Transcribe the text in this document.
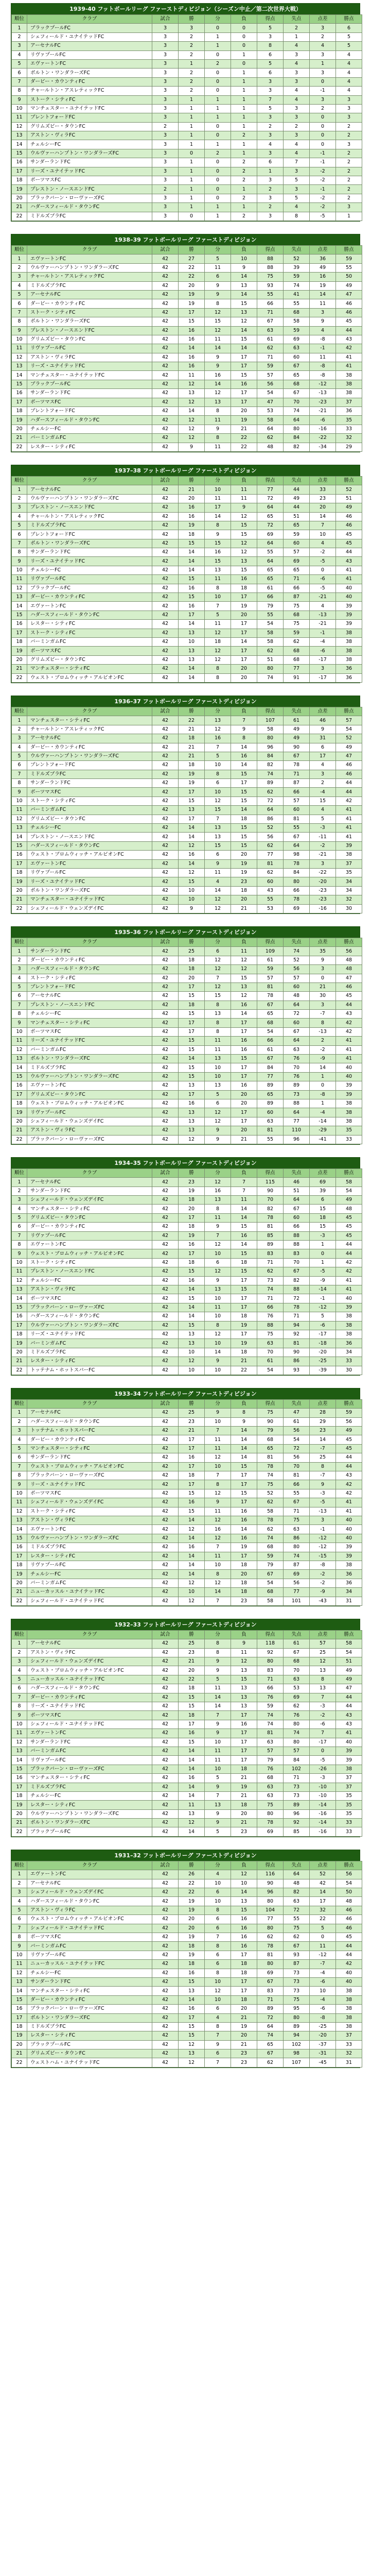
1939-40 フットボールリーグ ファーストディビジョン（シーズン中止／第二次世界大戦）
順位	クラブ	試合	勝	分	負	得点	失点	点差	勝点
1	ブラックプールFC	3	3	0	0	5	2	3	6
2	シェフィールド・ユナイテッドFC	3	2	1	0	3	1	2	5
3	アーセナルFC	3	2	1	0	8	4	4	5
4	リヴァプールFC	3	2	0	1	6	3	3	4
5	エヴァートンFC	3	1	2	0	5	4	1	4
6	ボルトン・ワンダラーズFC	3	2	0	1	6	3	3	4
7	ダービー・カウンティFC	3	2	0	1	3	3	0	4
8	チャールトン・アスレティックFC	3	2	0	1	3	4	-1	4
9	ストーク・シティFC	3	1	1	1	7	4	3	3
10	マンチェスター・ユナイテッドFC	3	1	1	1	5	3	2	3
11	ブレントフォードFC	3	1	1	1	3	3	0	3
12	グリムズビー・タウンFC	2	1	0	1	2	2	0	2
13	アストン・ヴィラFC	3	1	0	2	3	3	0	2
14	チェルシーFC	3	1	1	1	4	4	0	3
15	ウルヴァーハンプトン・ワンダラーズFC	3	0	2	1	3	4	-1	2
16	サンダーランドFC	3	1	0	2	6	7	-1	2
17	リーズ・ユナイテッドFC	3	1	0	2	1	3	-2	2
18	ポーツマスFC	3	1	0	2	3	5	-2	2
19	プレストン・ノースエンドFC	2	1	0	1	2	3	-1	2
20	ブラックバーン・ローヴァーズFC	3	1	0	2	3	5	-2	2
21	ハダースフィールド・タウンFC	3	1	1	1	2	4	-2	3
22	ミドルズブラFC	3	0	1	2	3	8	-5	1
1938–39 フットボールリーグ ファーストディビジョン
順位	クラブ	試合	勝	分	負	得点	失点	点差	勝点
1	エヴァートンFC	42	27	5	10	88	52	36	59
2	ウルヴァーハンプトン・ワンダラーズFC	42	22	11	9	88	39	49	55
3	チャールトン・アスレティックFC	42	22	6	14	75	59	16	50
4	ミドルズブラFC	42	20	9	13	93	74	19	49
5	アーセナルFC	42	19	9	14	55	41	14	47
6	ダービー・カウンティFC	42	19	8	15	66	55	11	46
7	ストーク・シティFC	42	17	12	13	71	68	3	46
8	ボルトン・ワンダラーズFC	42	15	15	12	67	58	9	45
9	プレストン・ノースエンドFC	42	16	12	14	63	59	4	44
10	グリムズビー・タウンFC	42	16	11	15	61	69	-8	43
11	リヴァプールFC	42	14	14	14	62	63	-1	42
12	アストン・ヴィラFC	42	16	9	17	71	60	11	41
13	リーズ・ユナイテッドFC	42	16	9	17	59	67	-8	41
14	マンチェスター・ユナイテッドFC	42	11	16	15	57	65	-8	38
15	ブラックプールFC	42	12	14	16	56	68	-12	38
16	サンダーランドFC	42	13	12	17	54	67	-13	38
17	ポーツマスFC	42	12	13	17	47	70	-23	37
18	ブレントフォードFC	42	14	8	20	53	74	-21	36
19	ハダースフィールド・タウンFC	42	12	11	19	58	64	-6	35
20	チェルシーFC	42	12	9	21	64	80	-16	33
21	バーミンガムFC	42	12	8	22	62	84	-22	32
22	レスター・シティFC	42	9	11	22	48	82	-34	29
1937–38 フットボールリーグ ファーストディビジョン
順位	クラブ	試合	勝	分	負	得点	失点	点差	勝点
1	アーセナルFC	42	21	10	11	77	44	33	52
2	ウルヴァーハンプトン・ワンダラーズFC	42	20	11	11	72	49	23	51
3	プレストン・ノースエンドFC	42	16	17	9	64	44	20	49
4	チャールトン・アスレティックFC	42	16	14	12	65	51	14	46
5	ミドルズブラFC	42	19	8	15	72	65	7	46
6	ブレントフォードFC	42	18	9	15	69	59	10	45
7	ボルトン・ワンダラーズFC	42	15	15	12	64	60	4	45
8	サンダーランドFC	42	14	16	12	55	57	-2	44
9	リーズ・ユナイテッドFC	42	14	15	13	64	69	-5	43
10	チェルシーFC	42	14	13	15	65	65	0	41
11	リヴァプールFC	42	15	11	16	65	71	-6	41
12	ブラックプールFC	42	16	8	18	61	66	-5	40
13	ダービー・カウンティFC	42	15	10	17	66	87	-21	40
14	エヴァートンFC	42	16	7	19	79	75	4	39
15	ハダースフィールド・タウンFC	42	17	5	20	55	68	-13	39
16	レスター・シティFC	42	14	11	17	54	75	-21	39
17	ストーク・シティFC	42	13	12	17	58	59	-1	38
18	バーミンガムFC	42	10	18	14	58	62	-4	38
19	ポーツマスFC	42	13	12	17	62	68	-6	38
20	グリムズビー・タウンFC	42	13	12	17	51	68	-17	38
21	マンチェスター・シティFC	42	14	8	20	80	77	3	36
22	ウェスト・ブロムウィッチ・アルビオンFC	42	14	8	20	74	91	-17	36
1936–37 フットボールリーグ ファーストディビジョン
順位	クラブ	試合	勝	分	負	得点	失点	点差	勝点
1	マンチェスター・シティFC	42	22	13	7	107	61	46	57
2	チャールトン・アスレティックFC	42	21	12	9	58	49	9	54
3	アーセナルFC	42	18	16	8	80	49	31	52
4	ダービー・カウンティFC	42	21	7	14	96	90	6	49
5	ウルヴァーハンプトン・ワンダラーズFC	42	21	5	16	84	67	17	47
6	ブレントフォードFC	42	18	10	14	82	78	4	46
7	ミドルズブラFC	42	19	8	15	74	71	3	46
8	サンダーランドFC	42	19	6	17	89	87	2	44
9	ポーツマスFC	42	17	10	15	62	66	-4	44
10	ストーク・シティFC	42	15	12	15	72	57	15	42
11	バーミンガムFC	42	13	15	14	64	60	4	41
12	グリムズビー・タウンFC	42	17	7	18	86	81	5	41
13	チェルシーFC	42	14	13	15	52	55	-3	41
14	プレストン・ノースエンドFC	42	14	13	15	56	67	-11	41
15	ハダースフィールド・タウンFC	42	12	15	15	62	64	-2	39
16	ウェスト・ブロムウィッチ・アルビオンFC	42	16	6	20	77	98	-21	38
17	エヴァートンFC	42	14	9	19	81	78	3	37
18	リヴァプールFC	42	12	11	19	62	84	-22	35
19	リーズ・ユナイテッドFC	42	15	4	23	60	80	-20	34
20	ボルトン・ワンダラーズFC	42	10	14	18	43	66	-23	34
21	マンチェスター・ユナイテッドFC	42	10	12	20	55	78	-23	32
22	シェフィールド・ウェンズデイFC	42	9	12	21	53	69	-16	30
1935–36 フットボールリーグ ファーストディビジョン
順位	クラブ	試合	勝	分	負	得点	失点	点差	勝点
1	サンダーランドFC	42	25	6	11	109	74	35	56
2	ダービー・カウンティFC	42	18	12	12	61	52	9	48
3	ハダースフィールド・タウンFC	42	18	12	12	59	56	3	48
4	ストーク・シティFC	42	20	7	15	57	57	0	47
5	ブレントフォードFC	42	17	12	13	81	60	21	46
6	アーセナルFC	42	15	15	12	78	48	30	45
7	プレストン・ノースエンドFC	42	18	8	16	67	64	3	44
8	チェルシーFC	42	15	13	14	65	72	-7	43
9	マンチェスター・シティFC	42	17	8	17	68	60	8	42
10	ポーツマスFC	42	17	8	17	54	67	-13	42
11	リーズ・ユナイテッドFC	42	15	11	16	66	64	2	41
12	バーミンガムFC	42	15	11	16	61	63	-2	41
13	ボルトン・ワンダラーズFC	42	14	13	15	67	76	-9	41
14	ミドルズブラFC	42	15	10	17	84	70	14	40
15	ウルヴァーハンプトン・ワンダラーズFC	42	15	10	17	77	76	1	40
16	エヴァートンFC	42	13	13	16	89	89	0	39
17	グリムズビー・タウンFC	42	17	5	20	65	73	-8	39
18	ウェスト・ブロムウィッチ・アルビオンFC	42	16	6	20	89	88	1	38
19	リヴァプールFC	42	13	12	17	60	64	-4	38
20	シェフィールド・ウェンズデイFC	42	13	12	17	63	77	-14	38
21	アストン・ヴィラFC	42	13	9	20	81	110	-29	35
22	ブラックバーン・ローヴァーズFC	42	12	9	21	55	96	-41	33
1934–35 フットボールリーグ ファーストディビジョン
順位	クラブ	試合	勝	分	負	得点	失点	点差	勝点
1	アーセナルFC	42	23	12	7	115	46	69	58
2	サンダーランドFC	42	19	16	7	90	51	39	54
3	シェフィールド・ウェンズデイFC	42	18	13	11	70	64	6	49
4	マンチェスター・シティFC	42	20	8	14	82	67	15	48
5	グリムズビー・タウンFC	42	17	11	14	78	60	18	45
6	ダービー・カウンティFC	42	18	9	15	81	66	15	45
7	リヴァプールFC	42	19	7	16	85	88	-3	45
8	エヴァートンFC	42	16	12	14	89	88	1	44
9	ウェスト・ブロムウィッチ・アルビオンFC	42	17	10	15	83	83	0	44
10	ストーク・シティFC	42	18	6	18	71	70	1	42
11	プレストン・ノースエンドFC	42	15	12	15	62	67	-5	42
12	チェルシーFC	42	16	9	17	73	82	-9	41
13	アストン・ヴィラFC	42	14	13	15	74	88	-14	41
14	ポーツマスFC	42	15	10	17	71	72	-1	40
15	ブラックバーン・ローヴァーズFC	42	14	11	17	66	78	-12	39
16	ハダースフィールド・タウンFC	42	14	10	18	76	71	5	38
17	ウルヴァーハンプトン・ワンダラーズFC	42	15	8	19	88	94	-6	38
18	リーズ・ユナイテッドFC	42	13	12	17	75	92	-17	38
19	バーミンガムFC	42	13	10	19	63	81	-18	36
20	ミドルズブラFC	42	10	14	18	70	90	-20	34
21	レスター・シティFC	42	12	9	21	61	86	-25	33
22	トッテナム・ホットスパーFC	42	10	10	22	54	93	-39	30
1933–34 フットボールリーグ ファーストディビジョン
順位	クラブ	試合	勝	分	負	得点	失点	点差	勝点
1	アーセナルFC	42	25	9	8	75	47	28	59
2	ハダースフィールド・タウンFC	42	23	10	9	90	61	29	56
3	トッテナム・ホットスパーFC	42	21	7	14	79	56	23	49
4	ダービー・カウンティFC	42	17	11	14	68	54	14	45
5	マンチェスター・シティFC	42	17	11	14	65	72	-7	45
6	サンダーランドFC	42	16	12	14	81	56	25	44
7	ウェスト・ブロムウィッチ・アルビオンFC	42	17	10	15	78	70	8	44
8	ブラックバーン・ローヴァーズFC	42	18	7	17	74	81	-7	43
9	リーズ・ユナイテッドFC	42	17	8	17	75	66	9	42
10	ポーツマスFC	42	15	12	15	52	55	-3	42
11	シェフィールド・ウェンズデイFC	42	16	9	17	62	67	-5	41
12	ストーク・シティFC	42	15	11	16	58	71	-13	41
13	アストン・ヴィラFC	42	14	12	16	78	75	3	40
14	エヴァートンFC	42	12	16	14	62	63	-1	40
15	ウルヴァーハンプトン・ワンダラーズFC	42	14	12	16	74	86	-12	40
16	ミドルズブラFC	42	16	7	19	68	80	-12	39
17	レスター・シティFC	42	14	11	17	59	74	-15	39
18	リヴァプールFC	42	14	10	18	79	87	-8	38
19	チェルシーFC	42	14	8	20	67	69	-2	36
20	バーミンガムFC	42	12	12	18	54	56	-2	36
21	ニューカッスル・ユナイテッドFC	42	10	14	18	68	77	-9	34
22	シェフィールド・ユナイテッドFC	42	12	7	23	58	101	-43	31
1932–33 フットボールリーグ ファーストディビジョン
順位	クラブ	試合	勝	分	負	得点	失点	点差	勝点
1	アーセナルFC	42	25	8	9	118	61	57	58
2	アストン・ヴィラFC	42	23	8	11	92	67	25	54
3	シェフィールド・ウェンズデイFC	42	21	9	12	80	68	12	51
4	ウェスト・ブロムウィッチ・アルビオンFC	42	20	9	13	83	70	13	49
5	ニューカッスル・ユナイテッドFC	42	22	5	15	71	63	8	49
6	ハダースフィールド・タウンFC	42	18	11	13	66	53	13	47
7	ダービー・カウンティFC	42	15	14	13	76	69	7	44
8	リーズ・ユナイテッドFC	42	15	14	13	59	62	-3	44
9	ポーツマスFC	42	18	7	17	74	76	-2	43
10	シェフィールド・ユナイテッドFC	42	17	9	16	74	80	-6	43
11	エヴァートンFC	42	16	9	17	81	74	7	41
12	サンダーランドFC	42	15	10	17	63	80	-17	40
13	バーミンガムFC	42	14	11	17	57	57	0	39
14	リヴァプールFC	42	14	11	17	79	84	-5	39
15	ブラックバーン・ローヴァーズFC	42	14	10	18	76	102	-26	38
16	マンチェスター・シティFC	42	16	5	21	68	71	-3	37
17	ミドルズブラFC	42	14	9	19	63	73	-10	37
18	チェルシーFC	42	14	7	21	63	73	-10	35
19	レスター・シティFC	42	11	13	18	75	89	-14	35
20	ウルヴァーハンプトン・ワンダラーズFC	42	13	9	20	80	96	-16	35
21	ボルトン・ワンダラーズFC	42	12	9	21	78	92	-14	33
22	ブラックプールFC	42	14	5	23	69	85	-16	33
1931–32 フットボールリーグ ファーストディビジョン
順位	クラブ	試合	勝	分	負	得点	失点	点差	勝点
1	エヴァートンFC	42	26	4	12	116	64	52	56
2	アーセナルFC	42	22	10	10	90	48	42	54
3	シェフィールド・ウェンズデイFC	42	22	6	14	96	82	14	50
4	ハダースフィールド・タウンFC	42	19	10	13	80	63	17	48
5	アストン・ヴィラFC	42	19	8	15	104	72	32	46
6	ウェスト・ブロムウィッチ・アルビオンFC	42	20	6	16	77	55	22	46
7	シェフィールド・ユナイテッドFC	42	20	6	16	80	75	5	46
8	ポーツマスFC	42	19	7	16	62	62	0	45
9	バーミンガムFC	42	18	8	16	78	67	11	44
10	リヴァプールFC	42	19	6	17	81	93	-12	44
11	ニューカッスル・ユナイテッドFC	42	18	6	18	80	87	-7	42
12	チェルシーFC	42	16	8	18	69	73	-4	40
13	サンダーランドFC	42	15	10	17	67	73	-6	40
14	マンチェスター・シティFC	42	13	12	17	83	73	10	38
15	ダービー・カウンティFC	42	14	10	18	71	75	-4	38
16	ブラックバーン・ローヴァーズFC	42	16	6	20	89	95	-6	38
17	ボルトン・ワンダラーズFC	42	17	4	21	72	80	-8	38
18	ミドルズブラFC	42	15	8	19	64	89	-25	38
19	レスター・シティFC	42	15	7	20	74	94	-20	37
20	ブラックプールFC	42	12	9	21	65	102	-37	33
21	グリムズビー・タウンFC	42	13	6	23	67	98	-31	32
22	ウェストハム・ユナイテッドFC	42	12	7	23	62	107	-45	31
